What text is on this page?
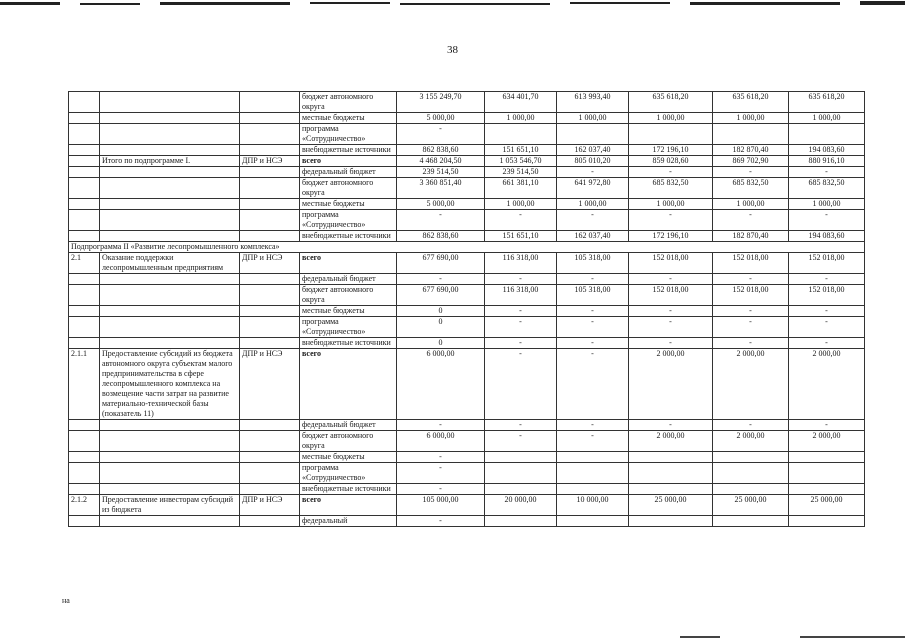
38
			бюджет автономного округа	3 155 249,70	634 401,70	613 993,40	635 618,20	635 618,20	635 618,20
			местные бюджеты	5 000,00	1 000,00	1 000,00	1 000,00	1 000,00	1 000,00
			программа «Сотрудничество»	-					
			внебюджетные источники	862 838,60	151 651,10	162 037,40	172 196,10	182 870,40	194 083,60
	Итого по подпрограмме I.	ДПР и НСЭ	всего	4 468 204,50	1 053 546,70	805 010,20	859 028,60	869 702,90	880 916,10
			федеральный бюджет	239 514,50	239 514,50	-	-	-	-
			бюджет автономного округа	3 360 851,40	661 381,10	641 972,80	685 832,50	685 832,50	685 832,50
			местные бюджеты	5 000,00	1 000,00	1 000,00	1 000,00	1 000,00	1 000,00
			программа «Сотрудничество»	-	-	-	-	-	-
			внебюджетные источники	862 838,60	151 651,10	162 037,40	172 196,10	182 870,40	194 083,60
Подпрограмма II «Развитие лесопромышленного комплекса»									
2.1	Оказание поддержки лесопромышленным предприятиям	ДПР и НСЭ	всего	677 690,00	116 318,00	105 318,00	152 018,00	152 018,00	152 018,00
			федеральный бюджет	-	-	-	-	-	-
			бюджет автономного округа	677 690,00	116 318,00	105 318,00	152 018,00	152 018,00	152 018,00
			местные бюджеты	0	-	-	-	-	-
			программа «Сотрудничество»	0	-	-	-	-	-
			внебюджетные источники	0	-	-	-	-	-
2.1.1	Предоставление субсидий из бюджета автономного округа субъектам малого предпринимательства в сфере лесопромышленного комплекса на возмещение части затрат на развитие материально-технической базы (показатель 11)	ДПР и НСЭ	всего	6 000,00	-	-	2 000,00	2 000,00	2 000,00
			федеральный бюджет	-	-	-	-	-	-
			бюджет автономного округа	6 000,00	-	-	2 000,00	2 000,00	2 000,00
			местные бюджеты	-					
			программа «Сотрудничество»	-					
			внебюджетные источники	-					
2.1.2	Предоставление инвесторам субсидий из бюджета	ДПР и НСЭ	всего	105 000,00	20 000,00	10 000,00	25 000,00	25 000,00	25 000,00
			федеральный	-					
на
